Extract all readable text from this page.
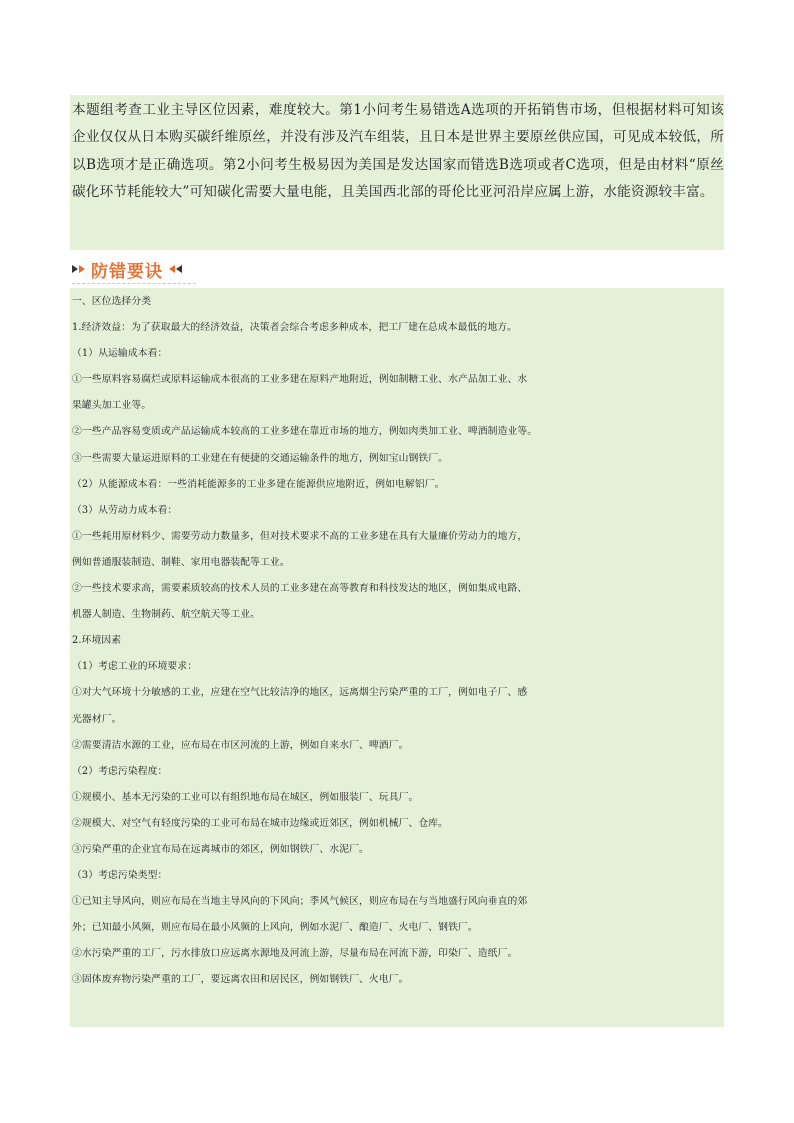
本题组考查工业主导区位因素，难度较大。第1小问考生易错选A选项的开拓销售市场，但根据材料可知该企业仅仅从日本购买碳纤维原丝，并没有涉及汽车组装，且日本是世界主要原丝供应国，可见成本较低，所以B选项才是正确选项。第2小问考生极易因为美国是发达国家而错选B选项或者C选项，但是由材料“原丝碳化环节耗能较大”可知碳化需要大量电能，且美国西北部的哥伦比亚河沿岸应属上游，水能资源较丰富。

防错要诀

一、区位选择分类

1.经济效益：为了获取最大的经济效益，决策者会综合考虑多种成本，把工厂建在总成本最低的地方。

（1）从运输成本看：

①一些原料容易腐烂或原料运输成本很高的工业多建在原料产地附近，例如制糖工业、水产品加工业、水

果罐头加工业等。

②一些产品容易变质或产品运输成本较高的工业多建在靠近市场的地方，例如肉类加工业、啤酒制造业等。

③一些需要大量运进原料的工业建在有便捷的交通运输条件的地方，例如宝山钢铁厂。

（2）从能源成本看：一些消耗能源多的工业多建在能源供应地附近，例如电解铝厂。

（3）从劳动力成本看：

①一些耗用原材料少、需要劳动力数量多，但对技术要求不高的工业多建在具有大量廉价劳动力的地方，

例如普通服装制造、制鞋、家用电器装配等工业。

②一些技术要求高，需要素质较高的技术人员的工业多建在高等教育和科技发达的地区，例如集成电路、

机器人制造、生物制药、航空航天等工业。

2.环境因素

（1）考虑工业的环境要求：

①对大气环境十分敏感的工业，应建在空气比较洁净的地区，远离烟尘污染严重的工厂，例如电子厂、感

光器材厂。

②需要清洁水源的工业，应布局在市区河流的上游，例如自来水厂、啤酒厂。

（2）考虑污染程度：

①规模小、基本无污染的工业可以有组织地布局在城区，例如服装厂、玩具厂。

②规模大、对空气有轻度污染的工业可布局在城市边缘或近郊区，例如机械厂、仓库。

③污染严重的企业宜布局在远离城市的郊区，例如钢铁厂、水泥厂。

（3）考虑污染类型：

①已知主导风向，则应布局在当地主导风向的下风向；季风气候区，则应布局在与当地盛行风向垂直的郊

外；已知最小风频，则应布局在最小风频的上风向，例如水泥厂、酿造厂、火电厂、钢铁厂。

②水污染严重的工厂，污水排放口应远离水源地及河流上游，尽量布局在河流下游，印染厂、造纸厂。

③固体废弃物污染严重的工厂，要远离农田和居民区，例如钢铁厂、火电厂。
